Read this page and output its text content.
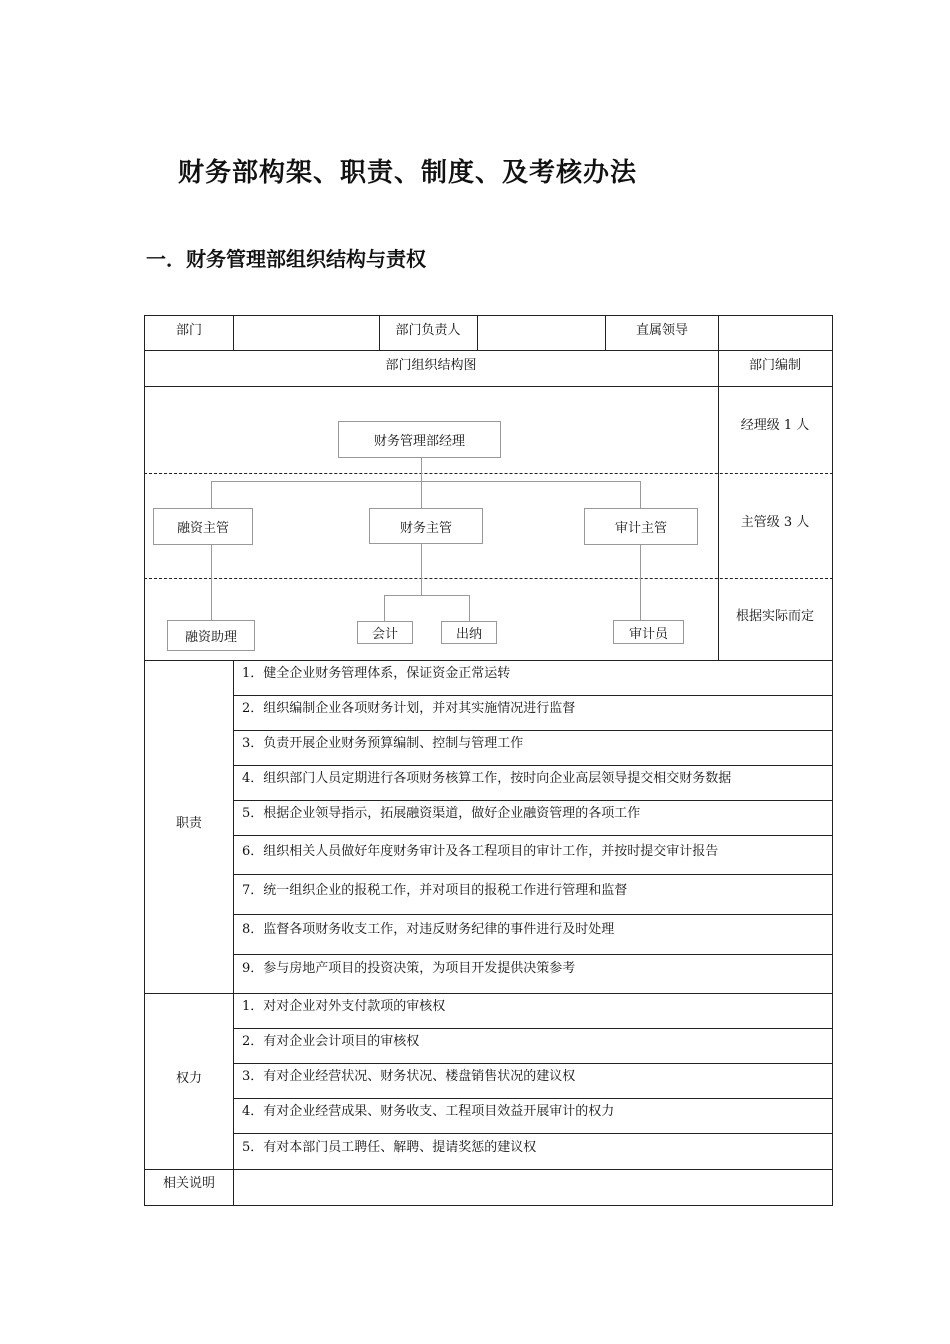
财务部构架、职责、制度、及考核办法
一．财务管理部组织结构与责权
部门	部门负责人	直属领导
部门组织结构图	部门编制
财务管理部经理
融资主管	财务主管	审计主管
融资助理	会计	出纳	审计员
经理级 1 人
主管级 3 人
根据实际而定
职责
1．健全企业财务管理体系，保证资金正常运转
2．组织编制企业各项财务计划，并对其实施情况进行监督
3．负责开展企业财务预算编制、控制与管理工作
4．组织部门人员定期进行各项财务核算工作，按时向企业高层领导提交相交财务数据
5．根据企业领导指示，拓展融资渠道，做好企业融资管理的各项工作
6．组织相关人员做好年度财务审计及各工程项目的审计工作，并按时提交审计报告
7．统一组织企业的报税工作，并对项目的报税工作进行管理和监督
8．监督各项财务收支工作，对违反财务纪律的事件进行及时处理
9．参与房地产项目的投资决策，为项目开发提供决策参考
权力
1．对对企业对外支付款项的审核权
2．有对企业会计项目的审核权
3．有对企业经营状况、财务状况、楼盘销售状况的建议权
4．有对企业经营成果、财务收支、工程项目效益开展审计的权力
5．有对本部门员工聘任、解聘、提请奖惩的建议权
相关说明
